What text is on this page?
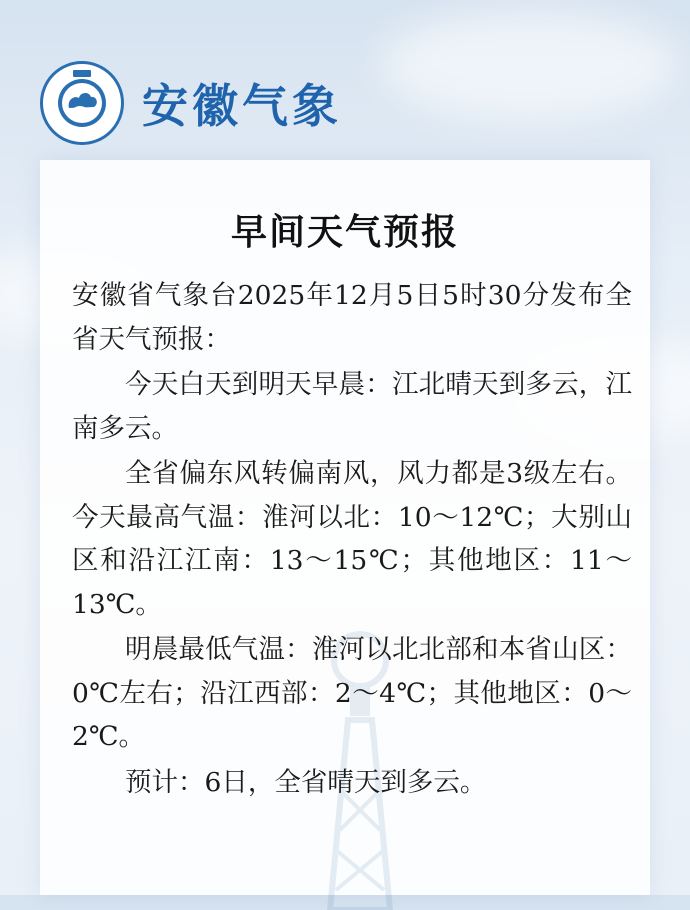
安徽气象
早间天气预报

安徽省气象台2025年12月5日5时30分发布全省天气预报：

今天白天到明天早晨：江北晴天到多云，江南多云。

全省偏东风转偏南风，风力都是3级左右。今天最高气温：淮河以北：10～12℃；大别山区和沿江江南：13～15℃；其他地区：11～13℃。

明晨最低气温：淮河以北北部和本省山区：0℃左右；沿江西部：2～4℃；其他地区：0～2℃。

预计：6日，全省晴天到多云。
